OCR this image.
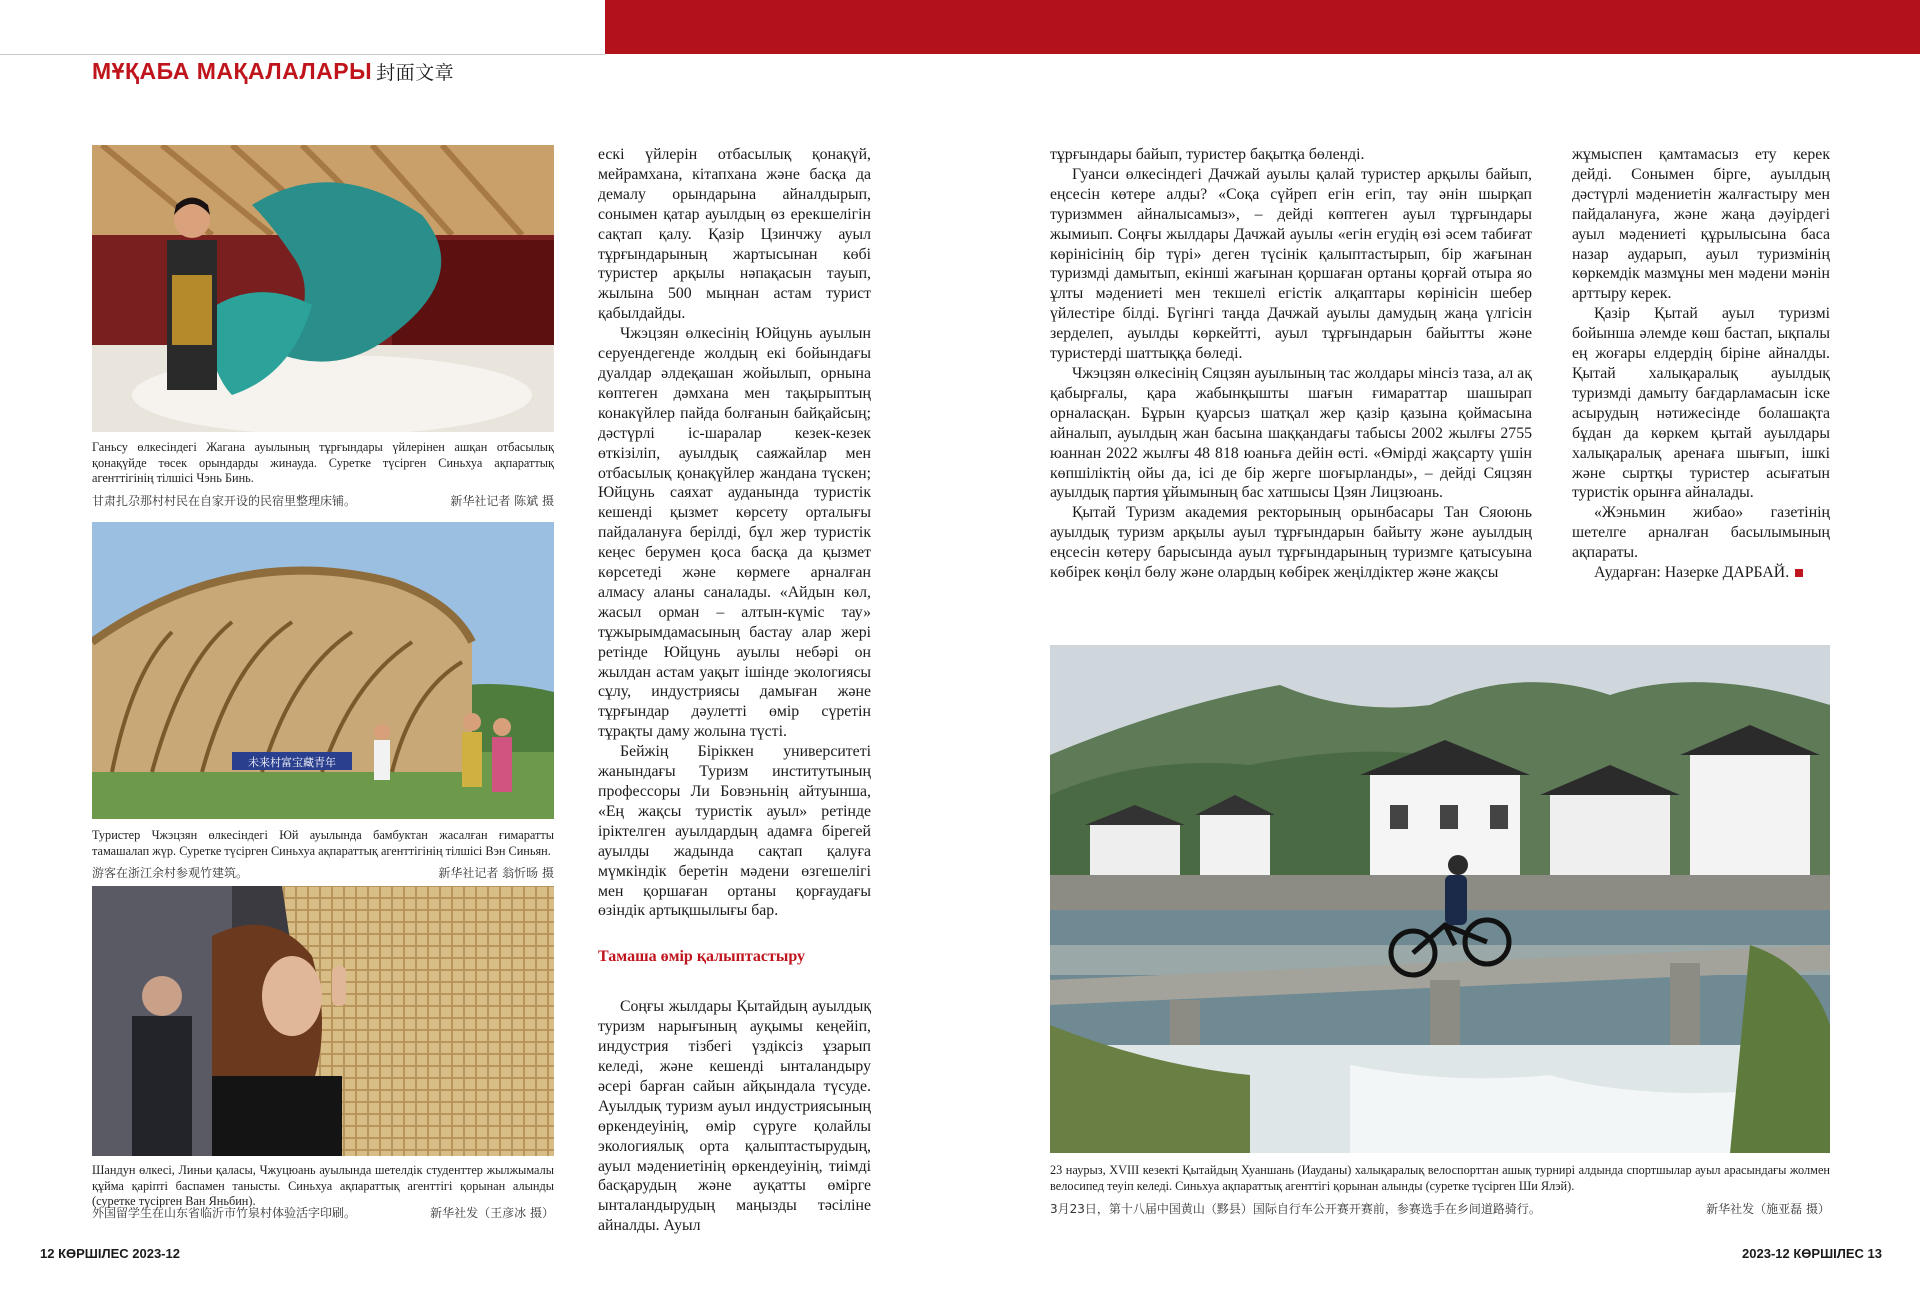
МҰҚАБА МАҚАЛАЛАРЫ 封面文章

Ганьсу өлкесіндегі Жагана ауылының тұрғындары үйлерінен ашқан отбасылық қонақүйде төсек орындарды жинауда. Суретке түсірген Синьхуа ақпараттық агенттігінің тілшісі Чэнь Бинь.

甘肃扎尕那村村民在自家开设的民宿里整理床铺。	新华社记者 陈斌 摄
未来村富宝藏青年

Туристер Чжэцзян өлкесіндегі Юй ауылында бамбуктан жасалған ғимаратты тамашалап жүр. Суретке түсірген Синьхуа ақпараттық агенттігінің тілшісі Вэн Синьян.

游客在浙江余村参观竹建筑。	新华社记者 翁忻旸 摄

Шандун өлкесі, Линьи қаласы, Чжуцюань ауылында шетелдік студенттер жылжымалы құйма қаріпті баспамен танысты. Синьхуа ақпараттық агенттігі қорынан алынды (суретке түсірген Ван Яньбин).

外国留学生在山东省临沂市竹泉村体验活字印刷。	新华社发（王彦冰 摄）

ескі үйлерін отбасылық қонақүй, мейрамхана, кітапхана және басқа да демалу орындарына айналдырып, сонымен қатар ауылдың өз ерекшелігін сақтап қалу. Қазір Цзинчжу ауыл тұрғындарының жартысынан көбі туристер арқылы нәпақасын тауып, жылына 500 мыңнан астам турист қабылдайды.

Чжэцзян өлкесінің Юйцунь ауылын серуендегенде жолдың екі бойындағы дуалдар әлдеқашан жойылып, орнына көптеген дәмхана мен тақырыптың конакүйлер пайда болғанын байқайсың; дәстүрлі іс-шаралар кезек-кезек өткізіліп, ауылдық саяжайлар мен отбасылық қонақүйлер жандана түскен; Юйцунь саяхат ауданында туристік кешенді қызмет көрсету орталығы пайдалануға берілді, бұл жер туристік кеңес берумен қоса басқа да қызмет көрсетеді және көрмеге арналған алмасу аланы саналады. «Айдын көл, жасыл орман – алтын-күміс тау» тұжырымдамасының бастау алар жері ретінде Юйцунь ауылы небәрі он жылдан астам уақыт ішінде экологиясы сұлу, индустриясы дамыған және тұрғындар дәулетті өмір сүретін тұрақты даму жолына түсті.

Бейжің Біріккен университеті жанындағы Туризм институтының профессоры Ли Бовэньнің айтуынша, «Ең жақсы туристік ауыл» ретінде іріктелген ауылдардың адамға бірегей ауылды жадында сақтап қалуға мүмкіндік беретін мәдени өзгешелігі мен қоршаған ортаны қорғаудағы өзіндік артықшылығы бар.

Тамаша өмір қалыптастыру

Соңғы жылдары Қытайдың ауылдық туризм нарығының ауқымы кеңейіп, индустрия тізбегі үздіксіз ұзарып келеді, және кешенді ынталандыру әсері барған сайын айқындала түсуде. Ауылдық туризм ауыл индустриясының өркендеуінің, өмір сүруге қолайлы экологиялық орта қалыптастырудың, ауыл мәдениетінің өркендеуінің, тиімді басқарудың және ауқатты өмірге ынталандырудың маңызды тәсіліне айналды. Ауыл

тұрғындары байып, туристер бақытқа бөленді.

Гуанси өлкесіндегі Дачжай ауылы қалай туристер арқылы байып, еңсесін көтере алды? «Соқа сүйреп егін егіп, тау әнін шырқап туризммен айналысамыз», – дейді көптеген ауыл тұрғындары жымиып. Соңғы жылдары Дачжай ауылы «егін егудің өзі әсем табиғат көрінісінің бір түрі» деген түсінік қалыптастырып, бір жағынан туризмді дамытып, екінші жағынан қоршаған ортаны қорғай отыра яо ұлты мәдениеті мен текшелі егістік алқаптары көрінісін шебер үйлестіре білді. Бүгінгі таңда Дачжай ауылы дамудың жаңа үлгісін зерделеп, ауылды көркейтті, ауыл тұрғындарын байытты және туристерді шаттыққа бөледі.

Чжэцзян өлкесінің Сяцзян ауылының тас жолдары мінсіз таза, ал ақ қабырғалы, қара жабынқышты шағын ғимараттар шашырап орналасқан. Бұрын қуарсыз шатқал жер қазір қазына қоймасына айналып, ауылдың жан басына шаққандағы табысы 2002 жылғы 2755 юаннан 2022 жылғы 48 818 юаньға дейін өсті. «Өмірді жақсарту үшін көпшіліктің ойы да, ісі де бір жерге шоғырланды», – дейді Сяцзян ауылдық партия ұйымының бас хатшысы Цзян Лицзюань.

Қытай Туризм академия ректорының орынбасары Тан Сяоюнь ауылдық туризм арқылы ауыл тұрғындарын байыту және ауылдың еңсесін көтеру барысында ауыл тұрғындарының туризмге қатысуына көбірек көңіл бөлу және олардың көбірек жеңілдіктер және жақсы

жұмыспен қамтамасыз ету керек дейді. Сонымен бірге, ауылдың дәстүрлі мәдениетін жалғастыру мен пайдалануға, және жаңа дәуірдегі ауыл мәдениеті құрылысына баса назар аударып, ауыл туризмінің көркемдік мазмұны мен мәдени мәнін арттыру керек.

Қазір Қытай ауыл туризмі бойынша әлемде көш бастап, ықпалы ең жоғары елдердің біріне айналды. Қытай халықаралық ауылдық туризмді дамыту бағдарламасын іске асырудың нәтижесінде болашақта бұдан да көркем қытай ауылдары халықаралық аренаға шығып, ішкі және сыртқы туристер асығатын туристік орынға айналады.

«Жэньмин жибао» газетінің шетелге арналған басылымының ақпараты.

Аударған: Назерке ДАРБАЙ.

23 наурыз, XVIII кезекті Қытайдың Хуаншань (Иауданы) халықаралық велоспорттан ашық турнирі алдында спортшылар ауыл арасындағы жолмен велосипед теуіп келеді. Синьхуа ақпараттық агенттігі қорынан алынды (суретке түсірген Ши Ялэй).

3月23日，第十八届中国黄山（黟县）国际自行车公开赛开赛前，参赛选手在乡间道路骑行。	新华社发（施亚磊 摄）
12 КӨРШІЛЕС 2023-12	2023-12 КӨРШІЛЕС 13
